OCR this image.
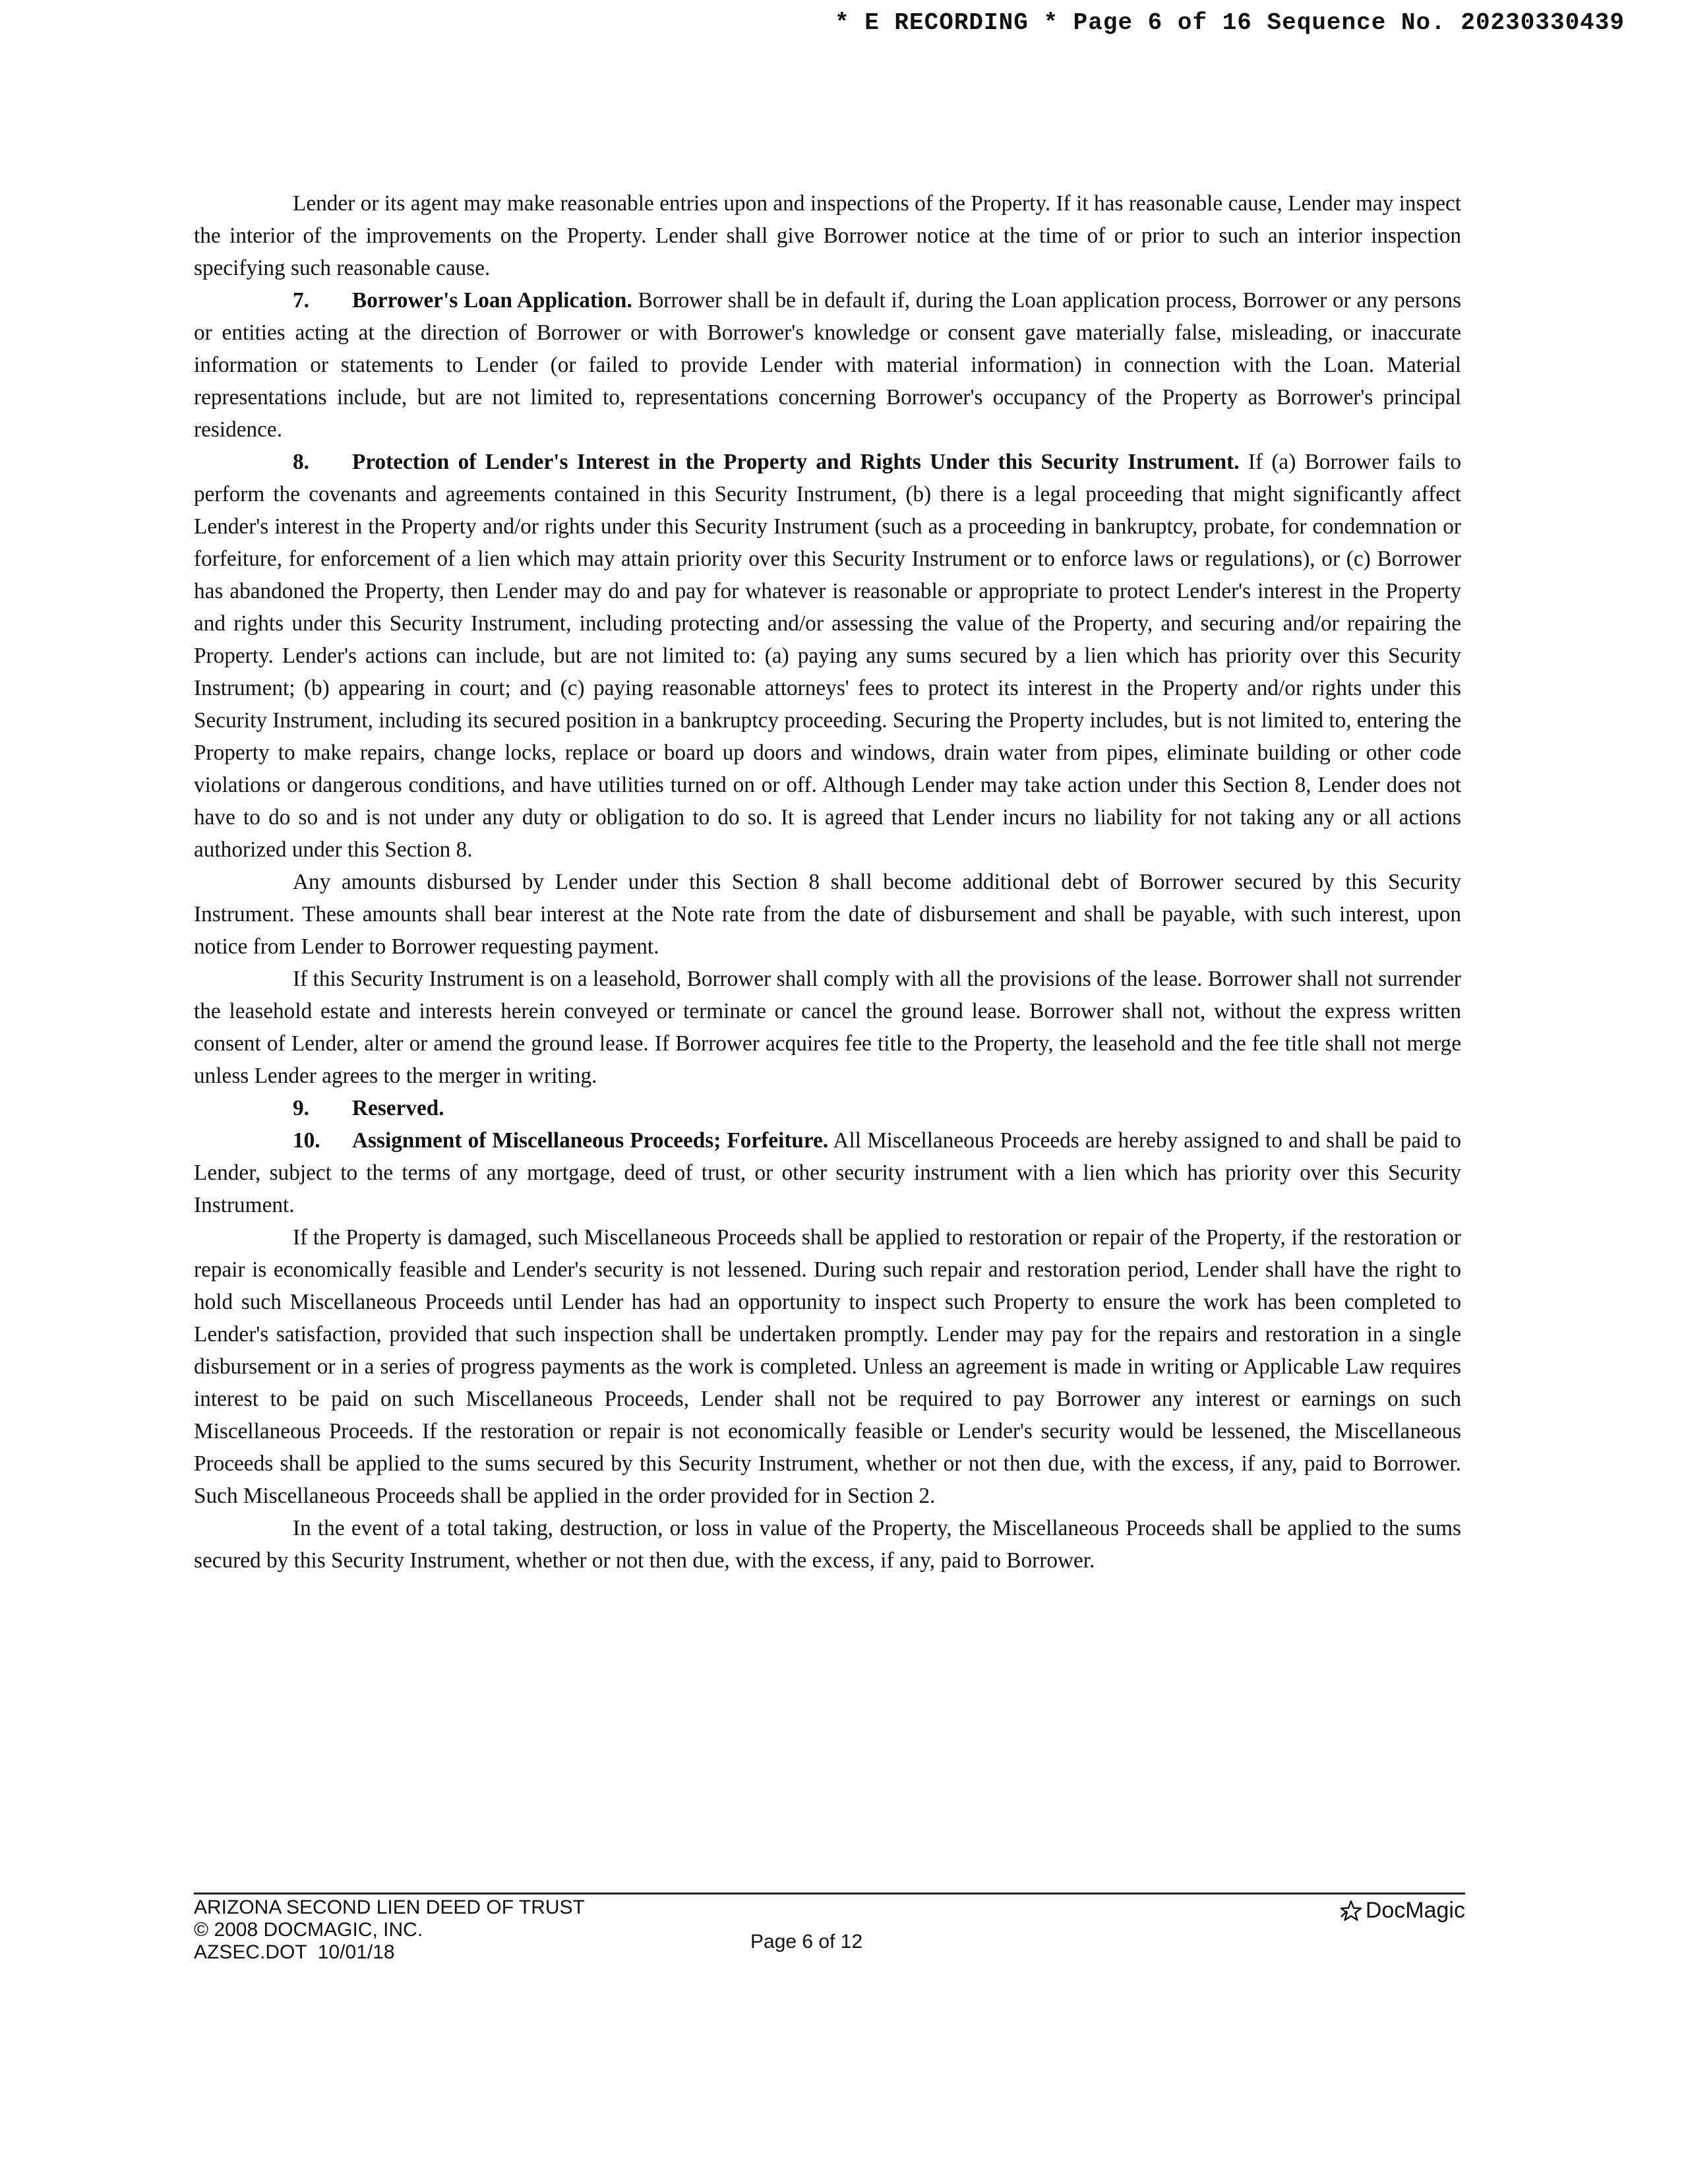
* E RECORDING * Page 6 of 16 Sequence No. 20230330439

Lender or its agent may make reasonable entries upon and inspections of the Property. If it has reasonable cause, Lender may inspect the interior of the improvements on the Property. Lender shall give Borrower notice at the time of or prior to such an interior inspection specifying such reasonable cause.

7. Borrower's Loan Application. Borrower shall be in default if, during the Loan application process, Borrower or any persons or entities acting at the direction of Borrower or with Borrower's knowledge or consent gave materially false, misleading, or inaccurate information or statements to Lender (or failed to provide Lender with material information) in connection with the Loan. Material representations include, but are not limited to, representations concerning Borrower's occupancy of the Property as Borrower's principal residence.

8. Protection of Lender's Interest in the Property and Rights Under this Security Instrument. If (a) Borrower fails to perform the covenants and agreements contained in this Security Instrument, (b) there is a legal proceeding that might significantly affect Lender's interest in the Property and/or rights under this Security Instrument (such as a proceeding in bankruptcy, probate, for condemnation or forfeiture, for enforcement of a lien which may attain priority over this Security Instrument or to enforce laws or regulations), or (c) Borrower has abandoned the Property, then Lender may do and pay for whatever is reasonable or appropriate to protect Lender's interest in the Property and rights under this Security Instrument, including protecting and/or assessing the value of the Property, and securing and/or repairing the Property. Lender's actions can include, but are not limited to: (a) paying any sums secured by a lien which has priority over this Security Instrument; (b) appearing in court; and (c) paying reasonable attorneys' fees to protect its interest in the Property and/or rights under this Security Instrument, including its secured position in a bankruptcy proceeding. Securing the Property includes, but is not limited to, entering the Property to make repairs, change locks, replace or board up doors and windows, drain water from pipes, eliminate building or other code violations or dangerous conditions, and have utilities turned on or off. Although Lender may take action under this Section 8, Lender does not have to do so and is not under any duty or obligation to do so. It is agreed that Lender incurs no liability for not taking any or all actions authorized under this Section 8.

Any amounts disbursed by Lender under this Section 8 shall become additional debt of Borrower secured by this Security Instrument. These amounts shall bear interest at the Note rate from the date of disbursement and shall be payable, with such interest, upon notice from Lender to Borrower requesting payment.

If this Security Instrument is on a leasehold, Borrower shall comply with all the provisions of the lease. Borrower shall not surrender the leasehold estate and interests herein conveyed or terminate or cancel the ground lease. Borrower shall not, without the express written consent of Lender, alter or amend the ground lease. If Borrower acquires fee title to the Property, the leasehold and the fee title shall not merge unless Lender agrees to the merger in writing.

9. Reserved.

10. Assignment of Miscellaneous Proceeds; Forfeiture. All Miscellaneous Proceeds are hereby assigned to and shall be paid to Lender, subject to the terms of any mortgage, deed of trust, or other security instrument with a lien which has priority over this Security Instrument.

If the Property is damaged, such Miscellaneous Proceeds shall be applied to restoration or repair of the Property, if the restoration or repair is economically feasible and Lender's security is not lessened. During such repair and restoration period, Lender shall have the right to hold such Miscellaneous Proceeds until Lender has had an opportunity to inspect such Property to ensure the work has been completed to Lender's satisfaction, provided that such inspection shall be undertaken promptly. Lender may pay for the repairs and restoration in a single disbursement or in a series of progress payments as the work is completed. Unless an agreement is made in writing or Applicable Law requires interest to be paid on such Miscellaneous Proceeds, Lender shall not be required to pay Borrower any interest or earnings on such Miscellaneous Proceeds. If the restoration or repair is not economically feasible or Lender's security would be lessened, the Miscellaneous Proceeds shall be applied to the sums secured by this Security Instrument, whether or not then due, with the excess, if any, paid to Borrower. Such Miscellaneous Proceeds shall be applied in the order provided for in Section 2.

In the event of a total taking, destruction, or loss in value of the Property, the Miscellaneous Proceeds shall be applied to the sums secured by this Security Instrument, whether or not then due, with the excess, if any, paid to Borrower.

ARIZONA SECOND LIEN DEED OF TRUST
© 2008 DOCMAGIC, INC.
AZSEC.DOT  10/01/18	Page 6 of 12
DocMagic
